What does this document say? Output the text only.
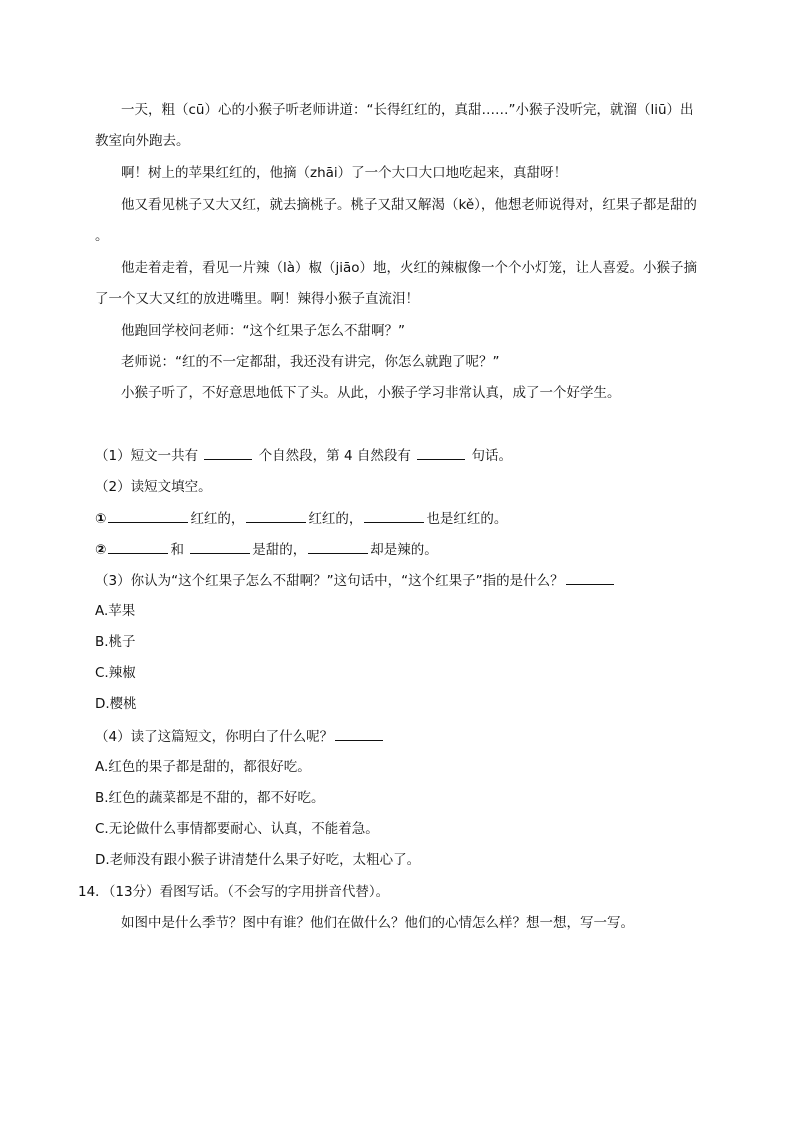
一天，粗（cū）心的小猴子听老师讲道：“长得红红的，真甜……”小猴子没听完，就溜（liū）出
教室向外跑去。
啊！树上的苹果红红的，他摘（zhāi）了一个大口大口地吃起来，真甜呀！
他又看见桃子又大又红，就去摘桃子。桃子又甜又解渴（kě），他想老师说得对，红果子都是甜的
。
他走着走着，看见一片辣（là）椒（jiāo）地，火红的辣椒像一个个小灯笼，让人喜爱。小猴子摘
了一个又大又红的放进嘴里。啊！辣得小猴子直流泪！
他跑回学校问老师：“这个红果子怎么不甜啊？”
老师说：“红的不一定都甜，我还没有讲完，你怎么就跑了呢？”
小猴子听了，不好意思地低下了头。从此，小猴子学习非常认真，成了一个好学生。
（1）短文一共有	个自然段，第 4 自然段有	句话。
（2）读短文填空。
①	红红的，	红红的，	也是红红的。
②	和	是甜的，	却是辣的。
（3）你认为“这个红果子怎么不甜啊？”这句话中，“这个红果子”指的是什么？
A.苹果
B.桃子
C.辣椒
D.樱桃
（4）读了这篇短文，你明白了什么呢？
A.红色的果子都是甜的，都很好吃。
B.红色的蔬菜都是不甜的，都不好吃。
C.无论做什么事情都要耐心、认真，不能着急。
D.老师没有跟小猴子讲清楚什么果子好吃，太粗心了。
14．（13分）看图写话。（不会写的字用拼音代替）。
如图中是什么季节？图中有谁？他们在做什么？他们的心情怎么样？想一想，写一写。
